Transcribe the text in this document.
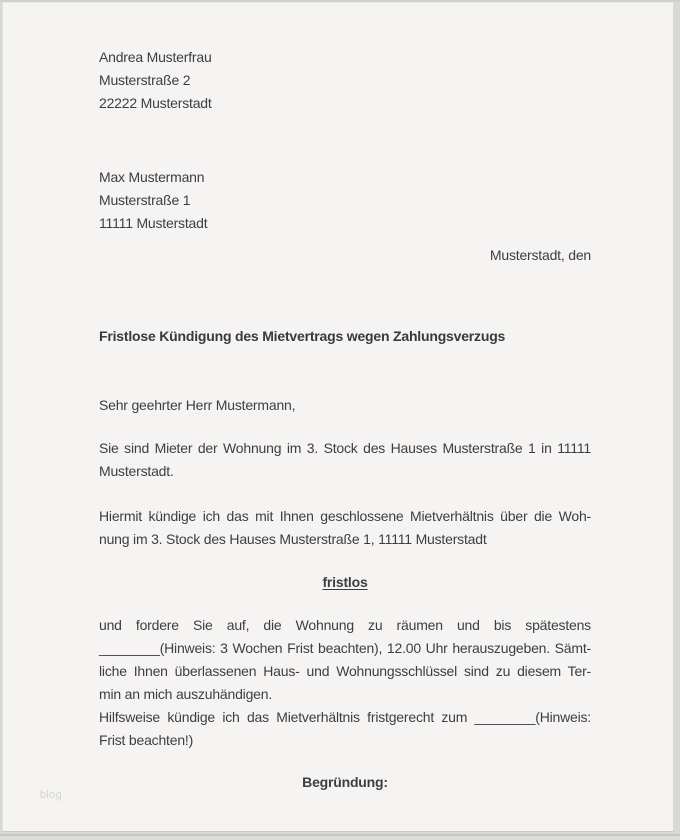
Andrea Musterfrau
Musterstraße 2
22222 Musterstadt
Max Mustermann
Musterstraße 1
11111 Musterstadt
Musterstadt, den
Fristlose Kündigung des Mietvertrags wegen Zahlungsverzugs
Sehr geehrter Herr Mustermann,
Sie sind Mieter der Wohnung im 3. Stock des Hauses Musterstraße 1 in 11111
Musterstadt.
Hiermit kündige ich das mit Ihnen geschlossene Mietverhältnis über die Woh-
nung im 3. Stock des Hauses Musterstraße 1, 11111 Musterstadt
fristlos
und fordere Sie auf, die Wohnung zu räumen und bis spätestens
________(Hinweis: 3 Wochen Frist beachten), 12.00 Uhr herauszugeben. Sämt-
liche Ihnen überlassenen Haus- und Wohnungsschlüssel sind zu diesem Ter-
min an mich auszuhändigen.
Hilfsweise kündige ich das Mietverhältnis fristgerecht zum ________(Hinweis:
Frist beachten!)
Begründung:
blog
